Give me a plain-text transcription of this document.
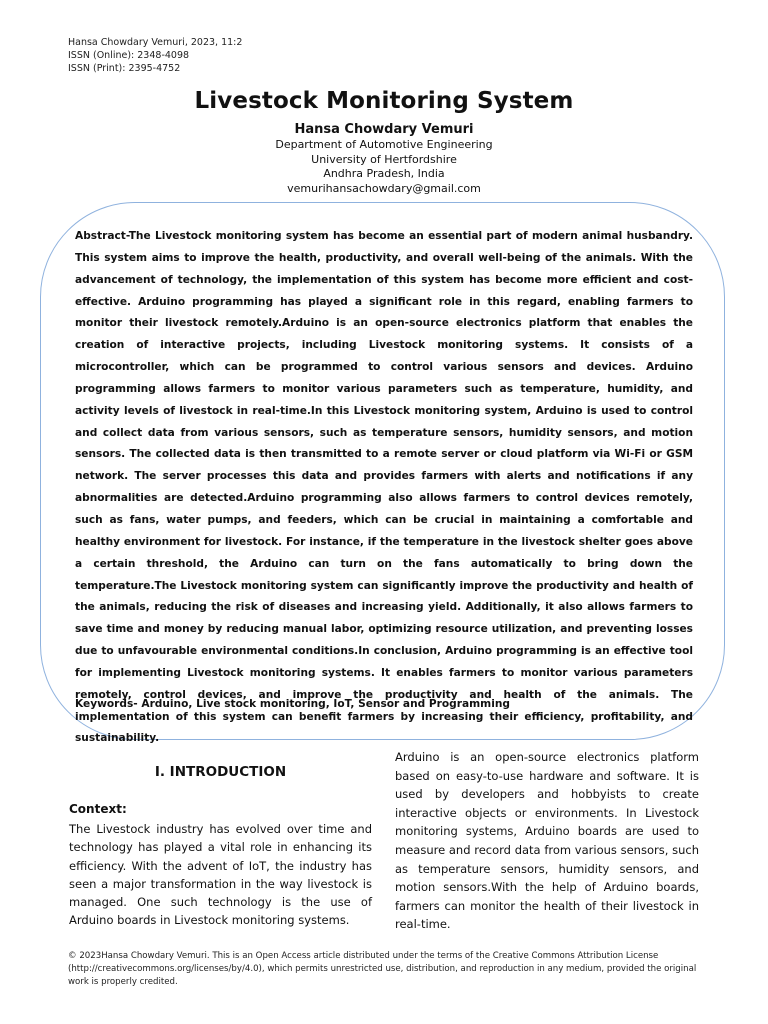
Hansa Chowdary Vemuri, 2023, 11:2
ISSN (Online): 2348-4098
ISSN (Print): 2395-4752
Livestock Monitoring System
Hansa Chowdary Vemuri
Department of Automotive Engineering
University of Hertfordshire
Andhra Pradesh, India
vemurihansachowdary@gmail.com
Abstract-The Livestock monitoring system has become an essential part of modern animal husbandry. This system aims to improve the health, productivity, and overall well-being of the animals. With the advancement of technology, the implementation of this system has become more efficient and cost-effective. Arduino programming has played a significant role in this regard, enabling farmers to monitor their livestock remotely.Arduino is an open-source electronics platform that enables the creation of interactive projects, including Livestock monitoring systems. It consists of a microcontroller, which can be programmed to control various sensors and devices. Arduino programming allows farmers to monitor various parameters such as temperature, humidity, and activity levels of livestock in real-time.In this Livestock monitoring system, Arduino is used to control and collect data from various sensors, such as temperature sensors, humidity sensors, and motion sensors. The collected data is then transmitted to a remote server or cloud platform via Wi-Fi or GSM network. The server processes this data and provides farmers with alerts and notifications if any abnormalities are detected.Arduino programming also allows farmers to control devices remotely, such as fans, water pumps, and feeders, which can be crucial in maintaining a comfortable and healthy environment for livestock. For instance, if the temperature in the livestock shelter goes above a certain threshold, the Arduino can turn on the fans automatically to bring down the temperature.The Livestock monitoring system can significantly improve the productivity and health of the animals, reducing the risk of diseases and increasing yield. Additionally, it also allows farmers to save time and money by reducing manual labor, optimizing resource utilization, and preventing losses due to unfavourable environmental conditions.In conclusion, Arduino programming is an effective tool for implementing Livestock monitoring systems. It enables farmers to monitor various parameters remotely, control devices, and improve the productivity and health of the animals. The implementation of this system can benefit farmers by increasing their efficiency, profitability, and sustainability.
Keywords- Arduino, Live stock monitoring, IoT, Sensor and Programming
I. INTRODUCTION
Context:
The Livestock industry has evolved over time and technology has played a vital role in enhancing its efficiency. With the advent of IoT, the industry has seen a major transformation in the way livestock is managed. One such technology is the use of Arduino boards in Livestock monitoring systems.
Arduino is an open-source electronics platform based on easy-to-use hardware and software. It is used by developers and hobbyists to create interactive objects or environments. In Livestock monitoring systems, Arduino boards are used to measure and record data from various sensors, such as temperature sensors, humidity sensors, and motion sensors.With the help of Arduino boards, farmers can monitor the health of their livestock in real-time.
© 2023Hansa Chowdary Vemuri. This is an Open Access article distributed under the terms of the Creative Commons Attribution License (http://creativecommons.org/licenses/by/4.0), which permits unrestricted use, distribution, and reproduction in any medium, provided the original work is properly credited.
